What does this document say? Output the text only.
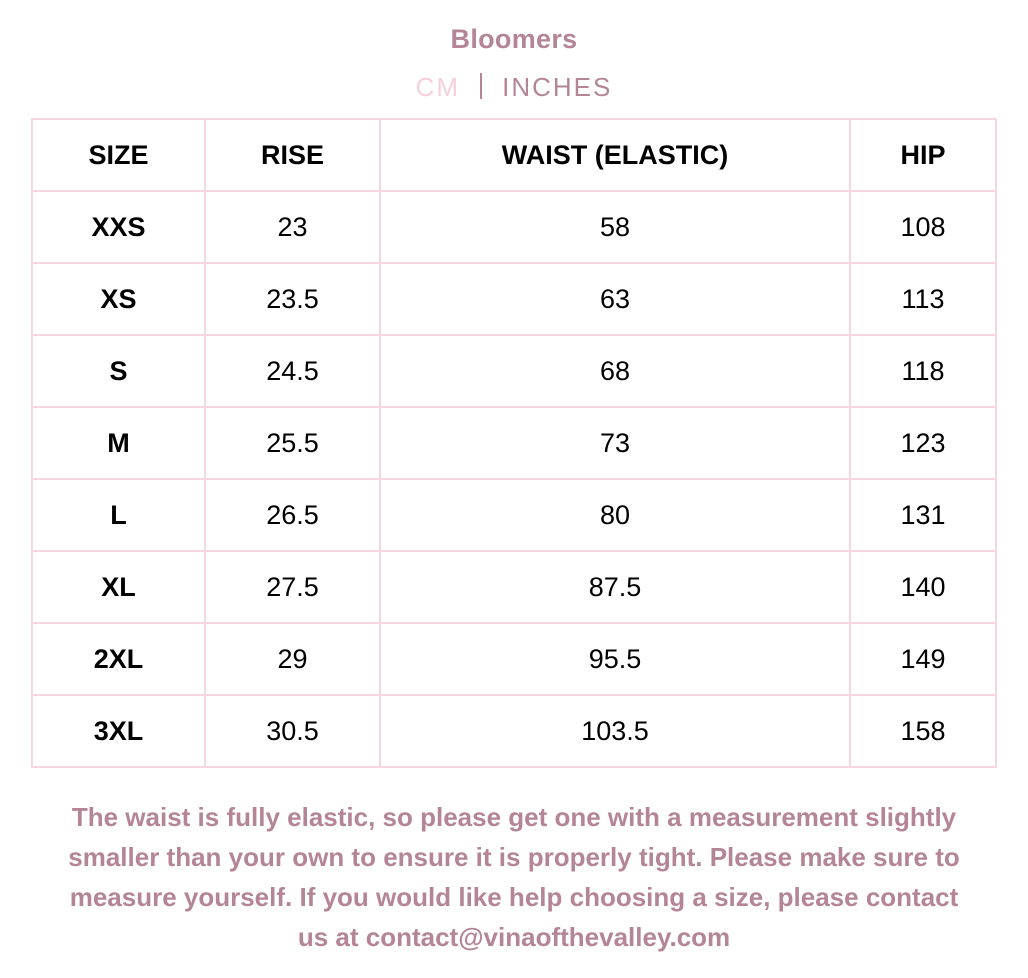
Bloomers
CM INCHES
SIZE	RISE	WAIST (ELASTIC)	HIP
XXS	23	58	108
XS	23.5	63	113
S	24.5	68	118
M	25.5	73	123
L	26.5	80	131
XL	27.5	87.5	140
2XL	29	95.5	149
3XL	30.5	103.5	158
The waist is fully elastic, so please get one with a measurement slightly
smaller than your own to ensure it is properly tight. Please make sure to
measure yourself. If you would like help choosing a size, please contact
us at contact@vinaofthevalley.com
